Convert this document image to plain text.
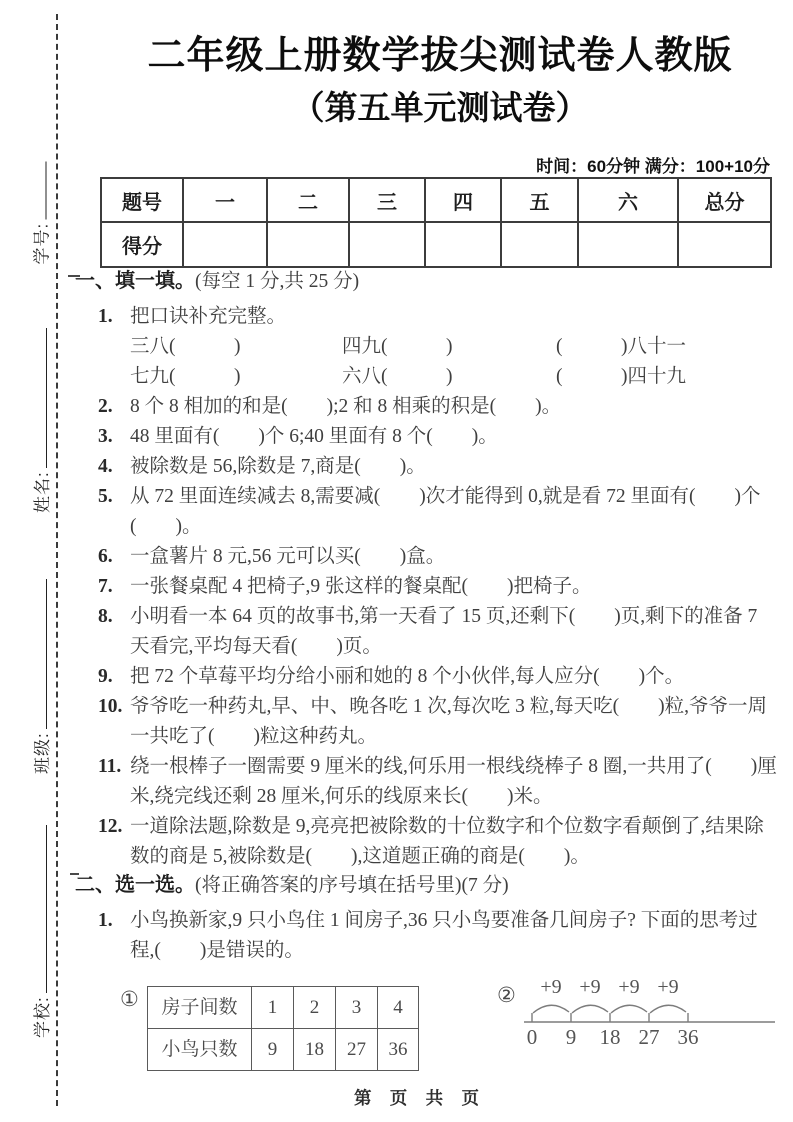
学号:
姓名:
班级:
学校:
二年级上册数学拔尖测试卷人教版
（第五单元测试卷）
时间：60分钟 满分：100+10分
题号	一	二	三	四	五	六	总分
得分							
一、填一填。(每空 1 分,共 25 分)
1. 把口诀补充完整。
三八(　　　)	四九(　　　)	(　　　)八十一
七九(　　　)	六八(　　　)	(　　　)四十九
2. 8 个 8 相加的和是(　　);2 和 8 相乘的积是(　　)。
3. 48 里面有(　　)个 6;40 里面有 8 个(　　)。
4. 被除数是 56,除数是 7,商是(　　)。
5. 从 72 里面连续减去 8,需要减(　　)次才能得到 0,就是看 72 里面有(　　)个(　　)。
6. 一盒薯片 8 元,56 元可以买(　　)盒。
7. 一张餐桌配 4 把椅子,9 张这样的餐桌配(　　)把椅子。
8. 小明看一本 64 页的故事书,第一天看了 15 页,还剩下(　　)页,剩下的准备 7 天看完,平均每天看(　　)页。
9. 把 72 个草莓平均分给小丽和她的 8 个小伙伴,每人应分(　　)个。
10. 爷爷吃一种药丸,早、中、晚各吃 1 次,每次吃 3 粒,每天吃(　　)粒,爷爷一周一共吃了(　　)粒这种药丸。
11. 绕一根棒子一圈需要 9 厘米的线,何乐用一根线绕棒子 8 圈,一共用了(　　)厘米,绕完线还剩 28 厘米,何乐的线原来长(　　)米。
12. 一道除法题,除数是 9,亮亮把被除数的十位数字和个位数字看颠倒了,结果除数的商是 5,被除数是(　　),这道题正确的商是(　　)。
二、选一选。(将正确答案的序号填在括号里)(7 分)
1. 小鸟换新家,9 只小鸟住 1 间房子,36 只小鸟要准备几间房子? 下面的思考过程,(　　)是错误的。
① 房子间数	1	2	3	4
小鸟只数	9	18	27	36
② +9 +9 +9 +9
0 9 18 27 36
第 页 共 页
